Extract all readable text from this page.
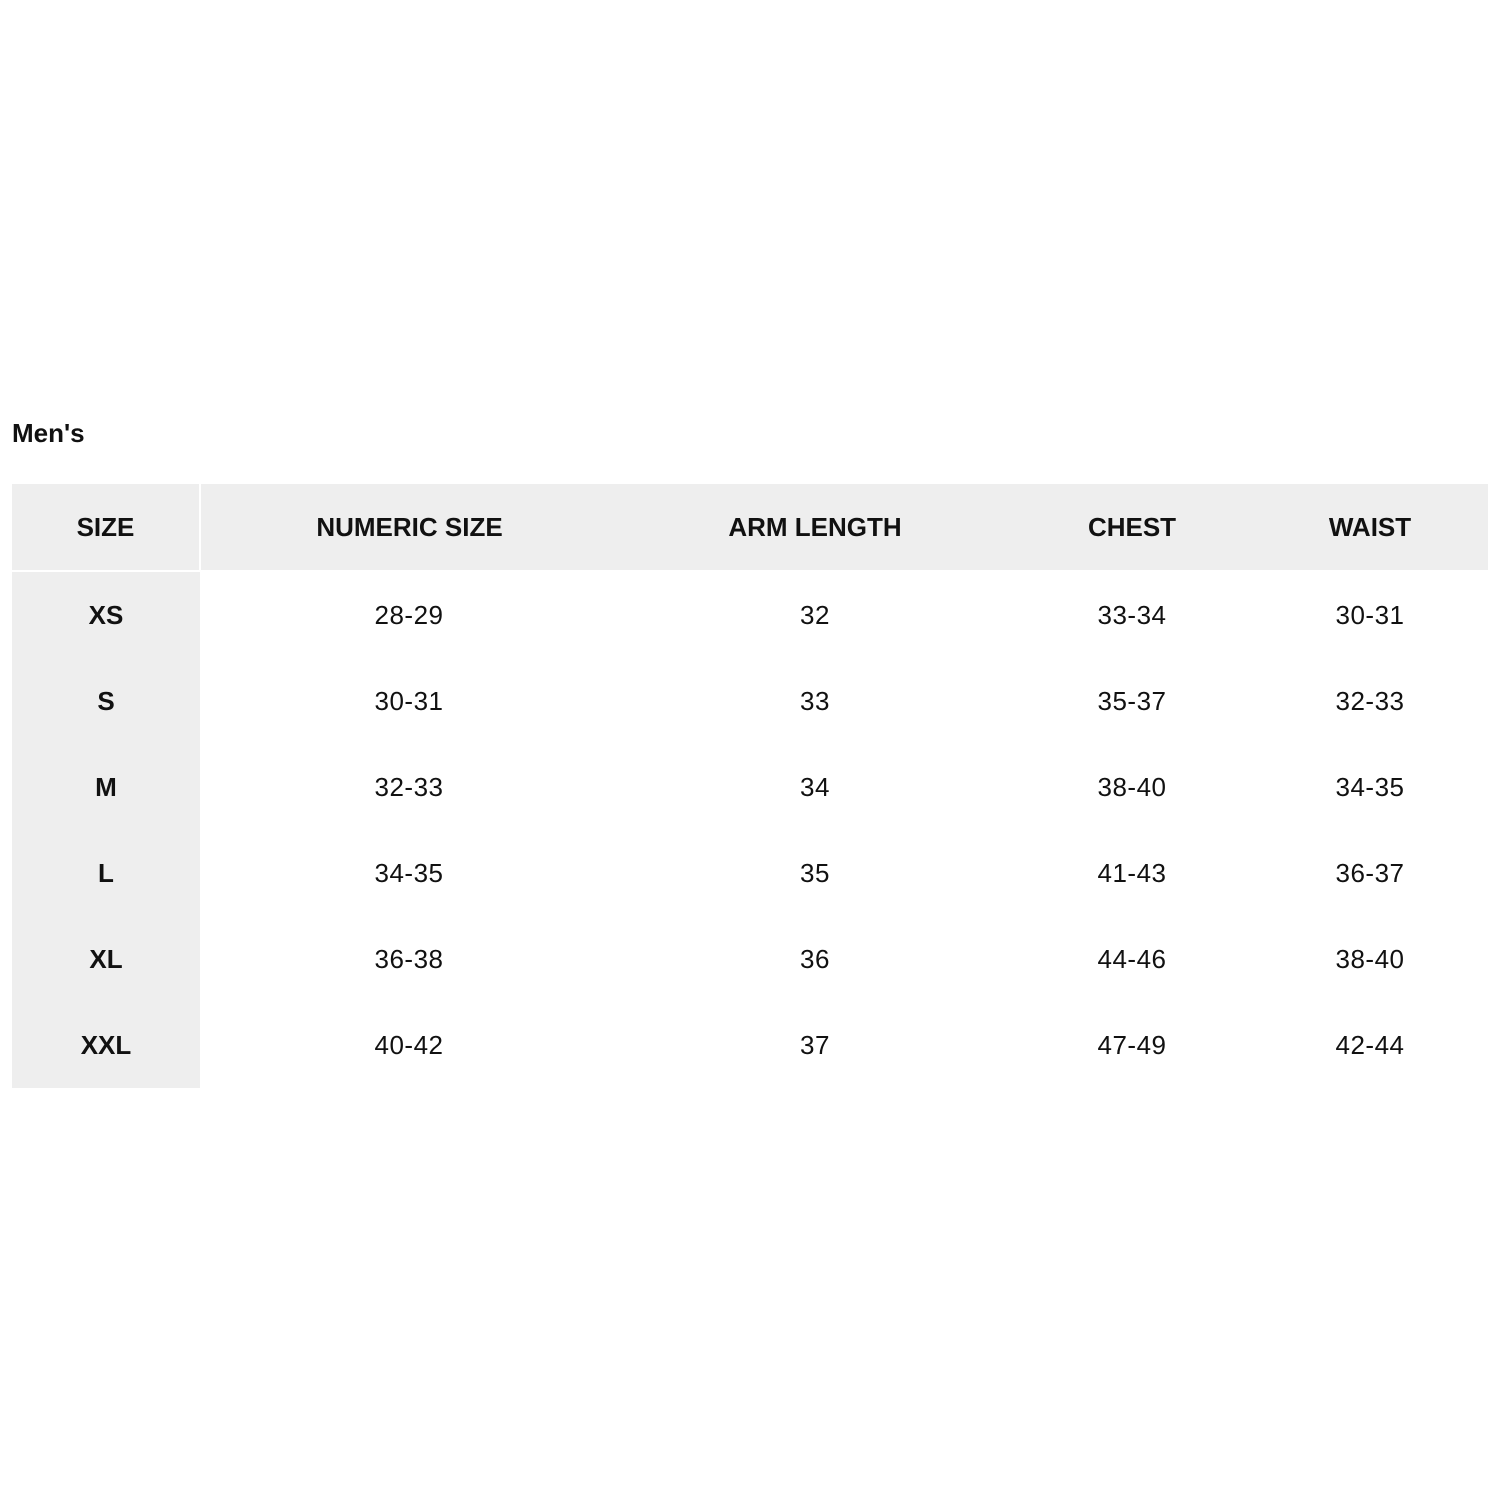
Men's
SIZE	NUMERIC SIZE	ARM LENGTH	CHEST	WAIST
XS	28-29	32	33-34	30-31
S	30-31	33	35-37	32-33
M	32-33	34	38-40	34-35
L	34-35	35	41-43	36-37
XL	36-38	36	44-46	38-40
XXL	40-42	37	47-49	42-44
